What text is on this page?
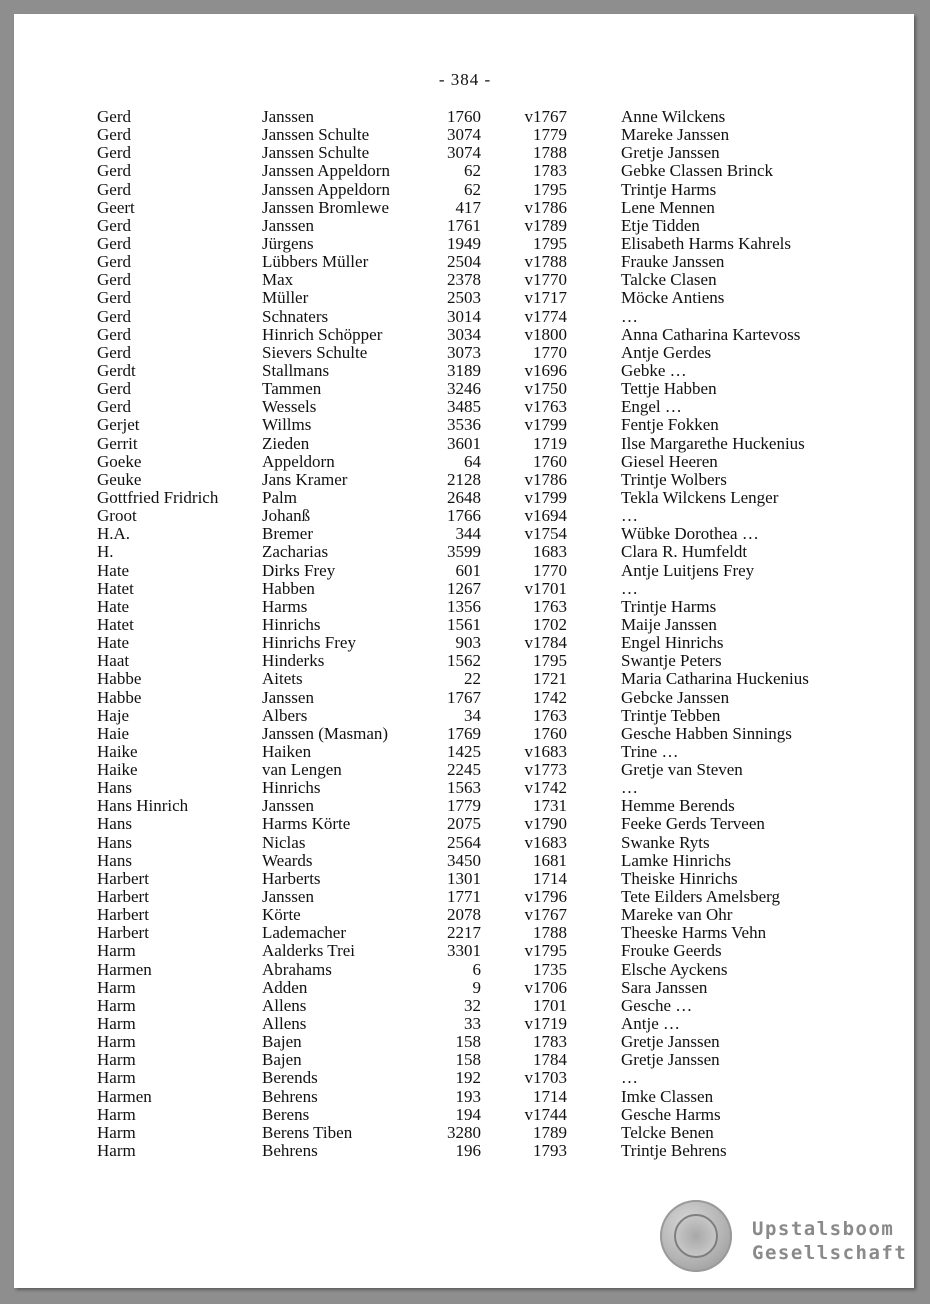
- 384 -
Gerd	Janssen	1760	v1767	Anne Wilckens
Gerd	Janssen Schulte	3074	1779	Mareke Janssen
Gerd	Janssen Schulte	3074	1788	Gretje Janssen
Gerd	Janssen Appeldorn	62	1783	Gebke Classen Brinck
Gerd	Janssen Appeldorn	62	1795	Trintje Harms
Geert	Janssen Bromlewe	417	v1786	Lene Mennen
Gerd	Janssen	1761	v1789	Etje Tidden
Gerd	Jürgens	1949	1795	Elisabeth Harms Kahrels
Gerd	Lübbers Müller	2504	v1788	Frauke Janssen
Gerd	Max	2378	v1770	Talcke Clasen
Gerd	Müller	2503	v1717	Möcke Antiens
Gerd	Schnaters	3014	v1774	…
Gerd	Hinrich Schöpper	3034	v1800	Anna Catharina Kartevoss
Gerd	Sievers Schulte	3073	1770	Antje Gerdes
Gerdt	Stallmans	3189	v1696	Gebke …
Gerd	Tammen	3246	v1750	Tettje Habben
Gerd	Wessels	3485	v1763	Engel …
Gerjet	Willms	3536	v1799	Fentje Fokken
Gerrit	Zieden	3601	1719	Ilse Margarethe Huckenius
Goeke	Appeldorn	64	1760	Giesel Heeren
Geuke	Jans Kramer	2128	v1786	Trintje Wolbers
Gottfried Fridrich	Palm	2648	v1799	Tekla Wilckens Lenger
Groot	Johanß	1766	v1694	…
H.A.	Bremer	344	v1754	Wübke Dorothea …
H.	Zacharias	3599	1683	Clara R. Humfeldt
Hate	Dirks Frey	601	1770	Antje Luitjens Frey
Hatet	Habben	1267	v1701	…
Hate	Harms	1356	1763	Trintje Harms
Hatet	Hinrichs	1561	1702	Maije Janssen
Hate	Hinrichs Frey	903	v1784	Engel Hinrichs
Haat	Hinderks	1562	1795	Swantje Peters
Habbe	Aitets	22	1721	Maria Catharina Huckenius
Habbe	Janssen	1767	1742	Gebcke Janssen
Haje	Albers	34	1763	Trintje Tebben
Haie	Janssen (Masman)	1769	1760	Gesche Habben Sinnings
Haike	Haiken	1425	v1683	Trine …
Haike	van Lengen	2245	v1773	Gretje van Steven
Hans	Hinrichs	1563	v1742	…
Hans Hinrich	Janssen	1779	1731	Hemme Berends
Hans	Harms Körte	2075	v1790	Feeke Gerds Terveen
Hans	Niclas	2564	v1683	Swanke Ryts
Hans	Weards	3450	1681	Lamke Hinrichs
Harbert	Harberts	1301	1714	Theiske Hinrichs
Harbert	Janssen	1771	v1796	Tete Eilders Amelsberg
Harbert	Körte	2078	v1767	Mareke van Ohr
Harbert	Lademacher	2217	1788	Theeske Harms Vehn
Harm	Aalderks Trei	3301	v1795	Frouke Geerds
Harmen	Abrahams	6	1735	Elsche Ayckens
Harm	Adden	9	v1706	Sara Janssen
Harm	Allens	32	1701	Gesche …
Harm	Allens	33	v1719	Antje …
Harm	Bajen	158	1783	Gretje Janssen
Harm	Bajen	158	1784	Gretje Janssen
Harm	Berends	192	v1703	…
Harmen	Behrens	193	1714	Imke Classen
Harm	Berens	194	v1744	Gesche Harms
Harm	Berens Tiben	3280	1789	Telcke Benen
Harm	Behrens	196	1793	Trintje Behrens
Upstalsboom
Gesellschaft
